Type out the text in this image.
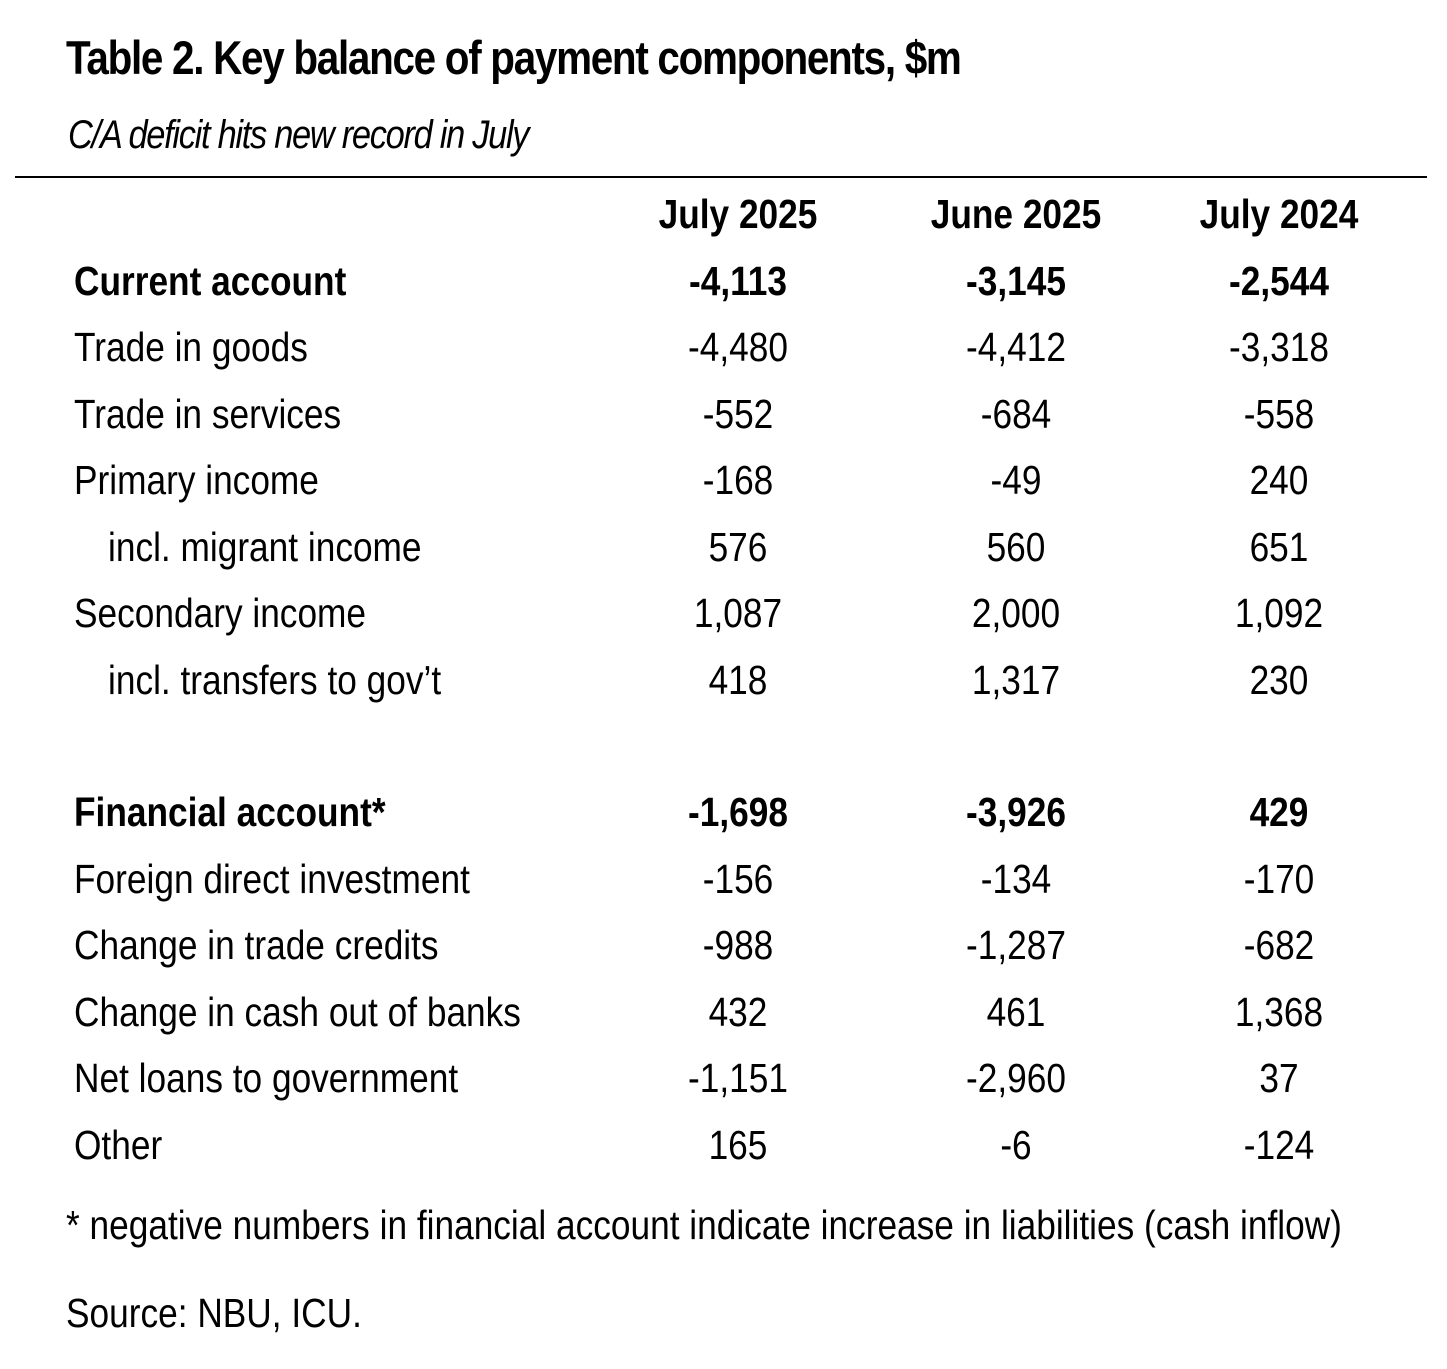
Table 2. Key balance of payment components, $m
C/A deficit hits new record in July
July 2025	June 2025	July 2024
Current account	-4,113	-3,145	-2,544
Trade in goods	-4,480	-4,412	-3,318
Trade in services	-552	-684	-558
Primary income	-168	-49	240
incl. migrant income	576	560	651
Secondary income	1,087	2,000	1,092
incl. transfers to gov’t	418	1,317	230
Financial account*	-1,698	-3,926	429
Foreign direct investment	-156	-134	-170
Change in trade credits	-988	-1,287	-682
Change in cash out of banks	432	461	1,368
Net loans to government	-1,151	-2,960	37
Other	165	-6	-124
* negative numbers in financial account indicate increase in liabilities (cash inflow)
Source: NBU, ICU.
